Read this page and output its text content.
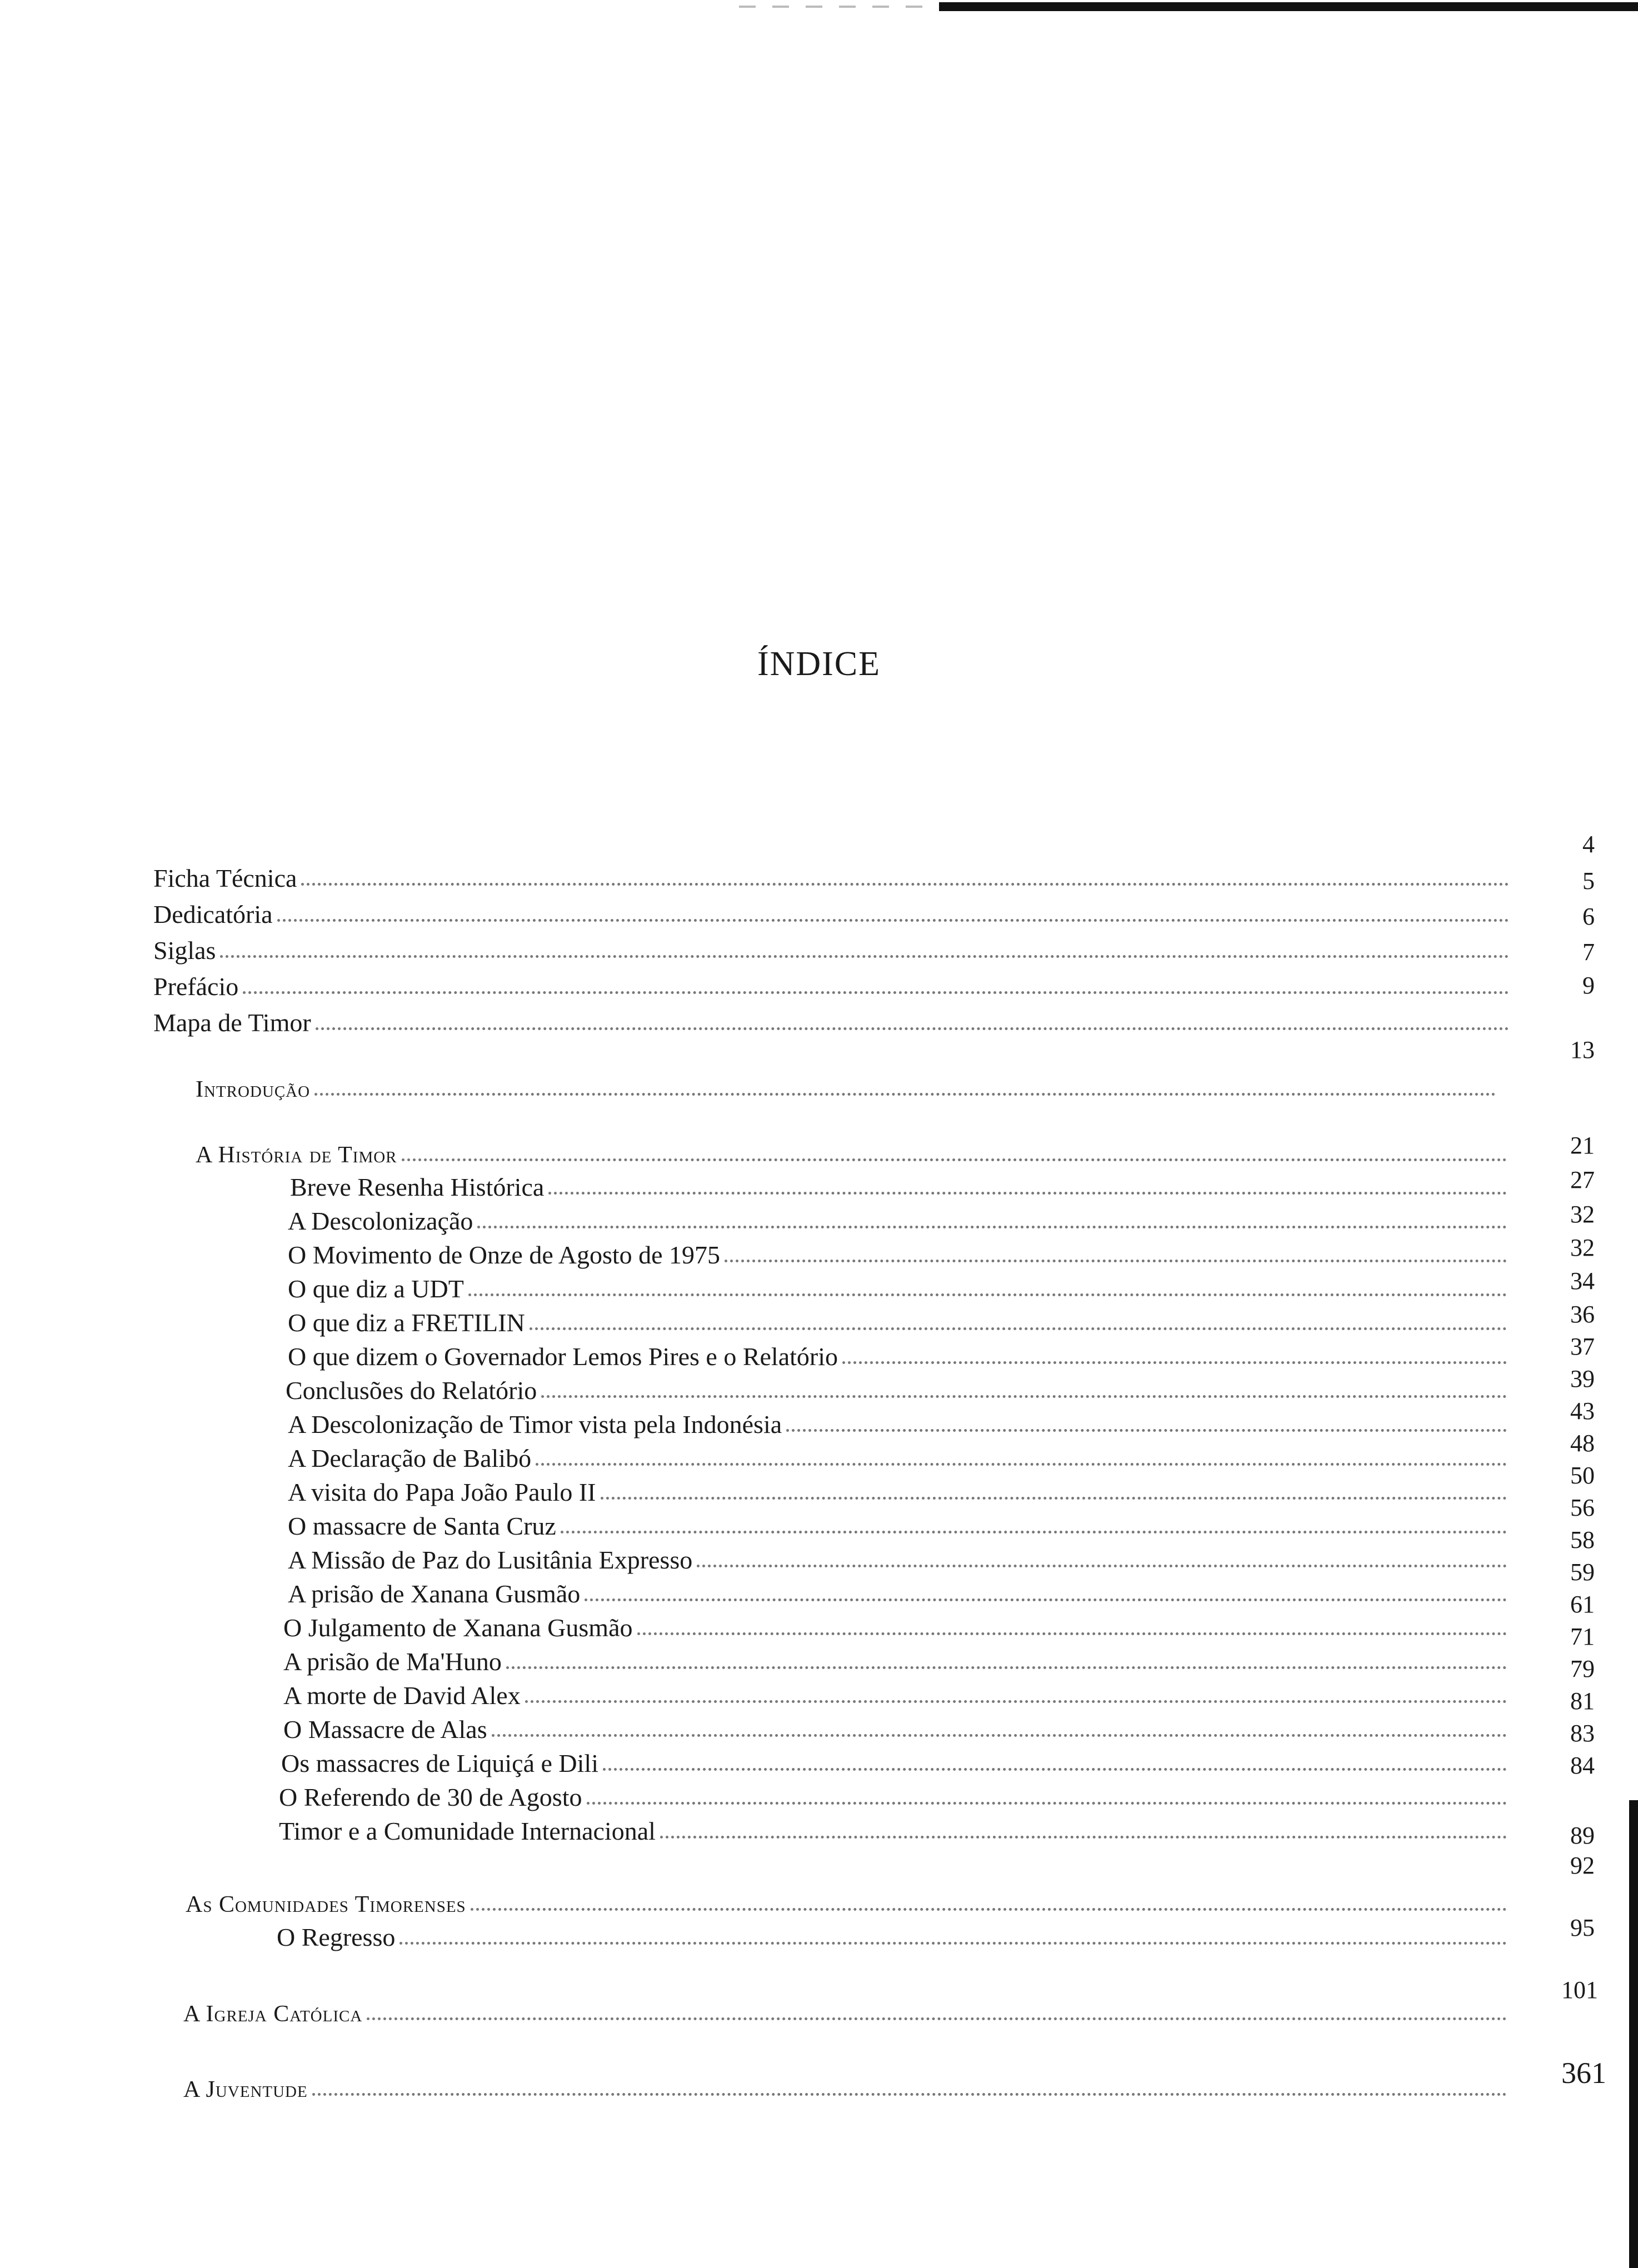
ÍNDICE
Ficha Técnica
Dedicatória
Siglas
Prefácio
Mapa de Timor
Introdução
A História de Timor
Breve Resenha Histórica
A Descolonização
O Movimento de Onze de Agosto de 1975
O que diz a UDT
O que diz a FRETILIN
O que dizem o Governador Lemos Pires e o Relatório
Conclusões do Relatório
A Descolonização de Timor vista pela Indonésia
A Declaração de Balibó
A visita do Papa João Paulo II
O massacre de Santa Cruz
A Missão de Paz do Lusitânia Expresso
A prisão de Xanana Gusmão
O Julgamento de Xanana Gusmão
A prisão de Ma'Huno
A morte de David Alex
O Massacre de Alas
Os massacres de Liquiçá e Dili
O Referendo de 30 de Agosto
Timor e a Comunidade Internacional
As Comunidades Timorenses
O Regresso
A Igreja Católica
A Juventude
4
5
6
7
9
13
21
27
32
32
34
36
37
39
43
48
50
56
58
59
61
71
79
81
83
84
89
92
95
101
361
